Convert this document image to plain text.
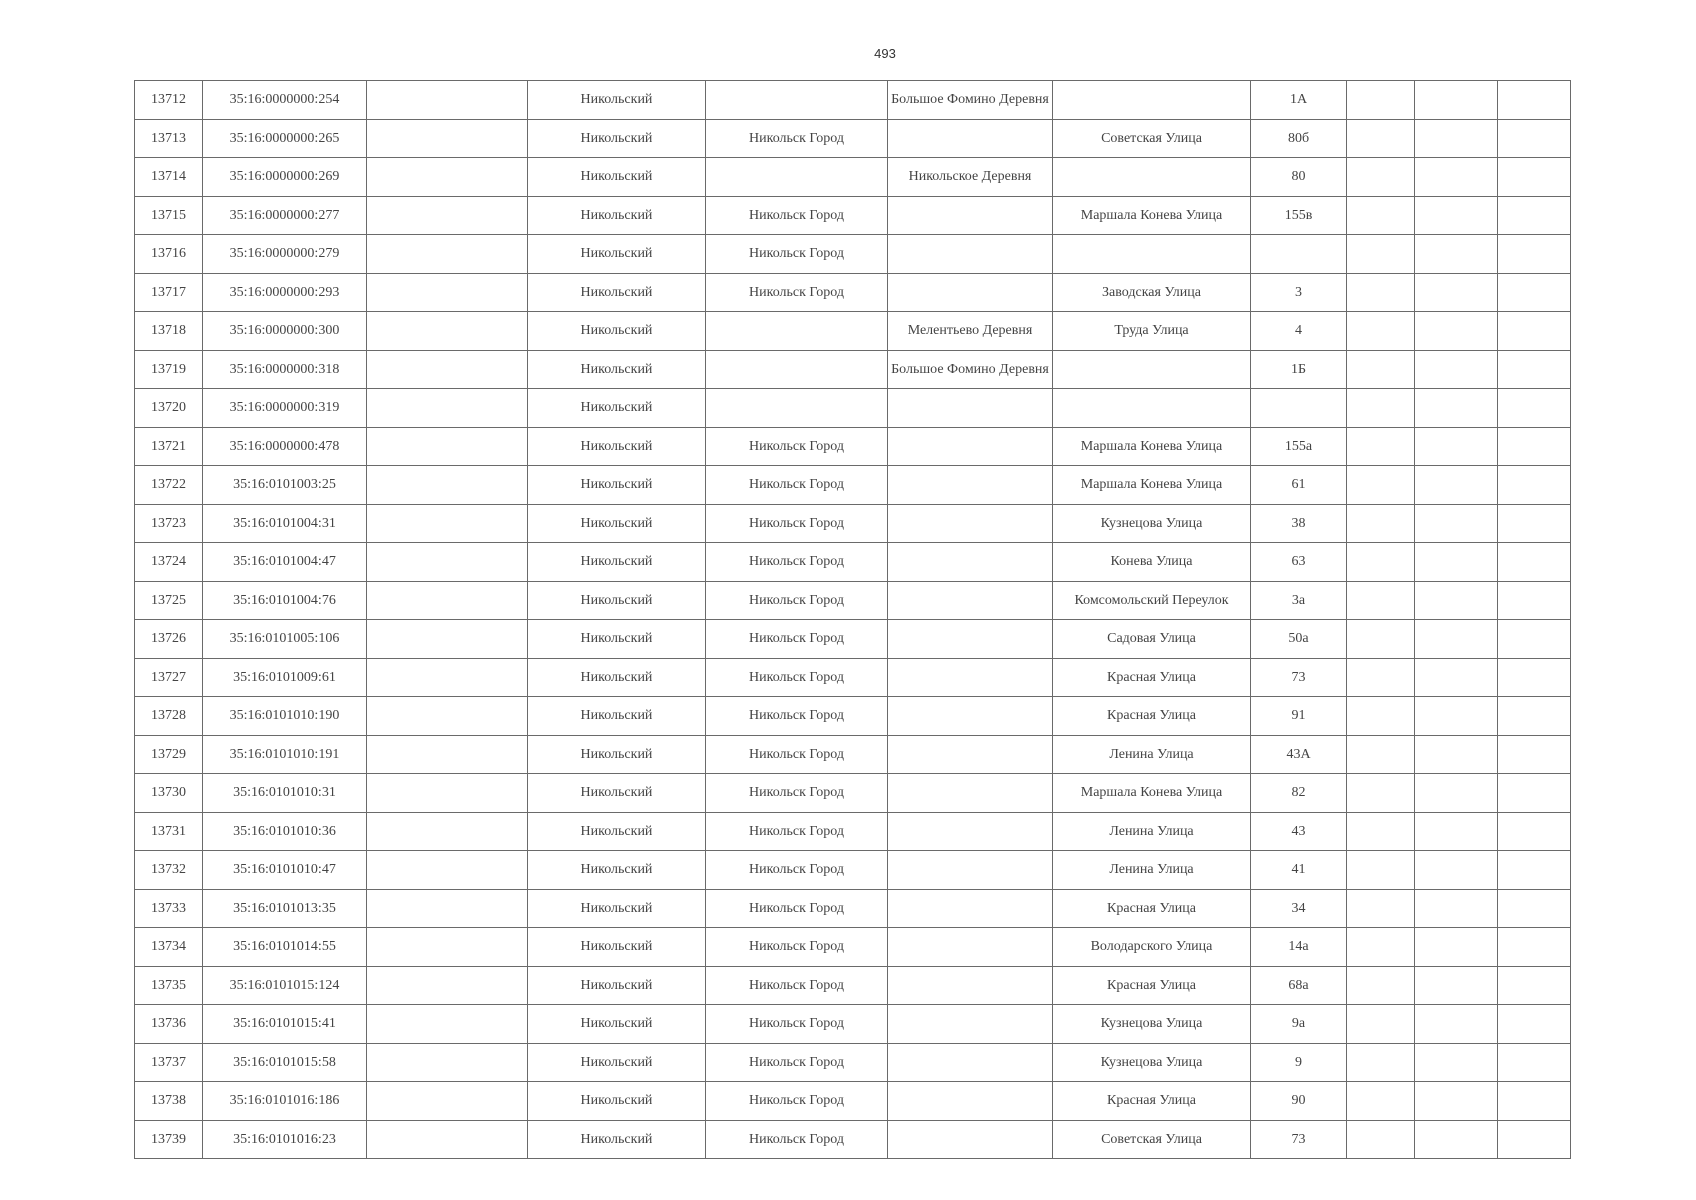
493
13712	35:16:0000000:254		Никольский		Большое Фомино Деревня		1А			
13713	35:16:0000000:265		Никольский	Никольск Город		Советская Улица	80б			
13714	35:16:0000000:269		Никольский		Никольское Деревня		80			
13715	35:16:0000000:277		Никольский	Никольск Город		Маршала Конева Улица	155в			
13716	35:16:0000000:279		Никольский	Никольск Город						
13717	35:16:0000000:293		Никольский	Никольск Город		Заводская Улица	3			
13718	35:16:0000000:300		Никольский		Мелентьево Деревня	Труда Улица	4			
13719	35:16:0000000:318		Никольский		Большое Фомино Деревня		1Б			
13720	35:16:0000000:319		Никольский							
13721	35:16:0000000:478		Никольский	Никольск Город		Маршала Конева Улица	155а			
13722	35:16:0101003:25		Никольский	Никольск Город		Маршала Конева Улица	61			
13723	35:16:0101004:31		Никольский	Никольск Город		Кузнецова Улица	38			
13724	35:16:0101004:47		Никольский	Никольск Город		Конева Улица	63			
13725	35:16:0101004:76		Никольский	Никольск Город		Комсомольский Переулок	3а			
13726	35:16:0101005:106		Никольский	Никольск Город		Садовая Улица	50а			
13727	35:16:0101009:61		Никольский	Никольск Город		Красная Улица	73			
13728	35:16:0101010:190		Никольский	Никольск Город		Красная Улица	91			
13729	35:16:0101010:191		Никольский	Никольск Город		Ленина Улица	43А			
13730	35:16:0101010:31		Никольский	Никольск Город		Маршала Конева Улица	82			
13731	35:16:0101010:36		Никольский	Никольск Город		Ленина Улица	43			
13732	35:16:0101010:47		Никольский	Никольск Город		Ленина Улица	41			
13733	35:16:0101013:35		Никольский	Никольск Город		Красная Улица	34			
13734	35:16:0101014:55		Никольский	Никольск Город		Володарского Улица	14а			
13735	35:16:0101015:124		Никольский	Никольск Город		Красная Улица	68а			
13736	35:16:0101015:41		Никольский	Никольск Город		Кузнецова Улица	9а			
13737	35:16:0101015:58		Никольский	Никольск Город		Кузнецова Улица	9			
13738	35:16:0101016:186		Никольский	Никольск Город		Красная Улица	90			
13739	35:16:0101016:23		Никольский	Никольск Город		Советская Улица	73			
